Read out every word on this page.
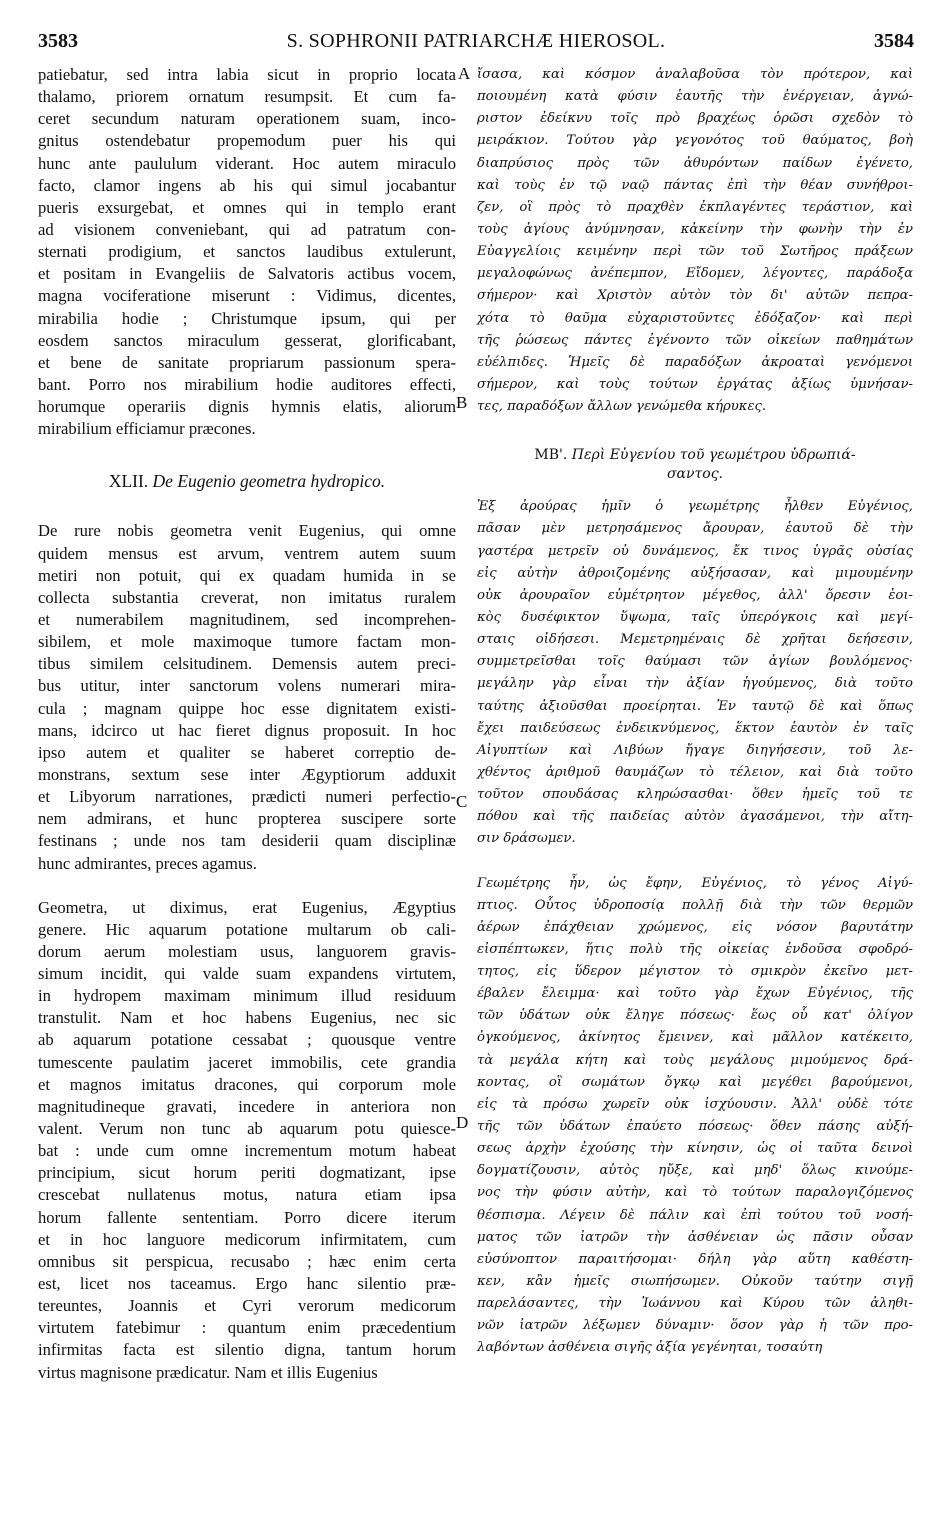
3583	S. SOPHRONII PATRIARCHÆ HIEROSOL.	3584
A
B
C
D
patiebatur, sed intra labia sicut in proprio locata
thalamo, priorem ornatum resumpsit. Et cum fa-
ceret secundum naturam operationem suam, inco-
gnitus ostendebatur propemodum puer his qui
hunc ante paululum viderant. Hoc autem miraculo
facto, clamor ingens ab his qui simul jocabantur
pueris exsurgebat, et omnes qui in templo erant
ad visionem conveniebant, qui ad patratum con-
sternati prodigium, et sanctos laudibus extulerunt,
et positam in Evangeliis de Salvatoris actibus vocem,
magna vociferatione miserunt : Vidimus, dicentes,
mirabilia hodie ; Christumque ipsum, qui per
eosdem sanctos miraculum gesserat, glorificabant,
et bene de sanitate propriarum passionum spera-
bant. Porro nos mirabilium hodie auditores effecti,
horumque operariis dignis hymnis elatis, aliorum
mirabilium efficiamur præcones.
XLII. De Eugenio geometra hydropico.
De rure nobis geometra venit Eugenius, qui omne
quidem mensus est arvum, ventrem autem suum
metiri non potuit, qui ex quadam humida in se
collecta substantia creverat, non imitatus ruralem
et numerabilem magnitudinem, sed incomprehen-
sibilem, et mole maximoque tumore factam mon-
tibus similem celsitudinem. Demensis autem preci-
bus utitur, inter sanctorum volens numerari mira-
cula ; magnam quippe hoc esse dignitatem existi-
mans, idcirco ut hac fieret dignus proposuit. In hoc
ipso autem et qualiter se haberet correptio de-
monstrans, sextum sese inter Ægyptiorum adduxit
et Libyorum narrationes, prædicti numeri perfectio-
nem admirans, et hunc propterea suscipere sorte
festinans ; unde nos tam desiderii quam disciplinæ
hunc admirantes, preces agamus.
Geometra, ut diximus, erat Eugenius, Ægyptius
genere. Hic aquarum potatione multarum ob cali-
dorum aerum molestiam usus, languorem gravis-
simum incidit, qui valde suam expandens virtutem,
in hydropem maximam minimum illud residuum
transtulit. Nam et hoc habens Eugenius, nec sic
ab aquarum potatione cessabat ; quousque ventre
tumescente paulatim jaceret immobilis, cete grandia
et magnos imitatus dracones, qui corporum mole
magnitudineque gravati, incedere in anteriora non
valent. Verum non tunc ab aquarum potu quiesce-
bat : unde cum omne incrementum motum habeat
principium, sicut horum periti dogmatizant, ipse
crescebat nullatenus motus, natura etiam ipsa
horum fallente sententiam. Porro dicere iterum
et in hoc languore medicorum infirmitatem, cum
omnibus sit perspicua, recusabo ; hæc enim certa
est, licet nos taceamus. Ergo hanc silentio præ-
tereuntes, Joannis et Cyri verorum medicorum
virtutem fatebimur : quantum enim præcedentium
infirmitas facta est silentio digna, tantum horum
virtus magnisone prædicatur. Nam et illis Eugenius
ἴσασα, καὶ κόσμον ἀναλαβοῦσα τὸν πρότερον, καὶ
ποιουμένη κατὰ φύσιν ἑαυτῆς τὴν ἐνέργειαν, ἀγνώ-
ριστον ἐδείκνυ τοῖς πρὸ βραχέως ὁρῶσι σχεδὸν τὸ
μειράκιον. Τούτου γὰρ γεγονότος τοῦ θαύματος, βοὴ
διαπρύσιος πρὸς τῶν ἀθυρόντων παίδων ἐγένετο,
καὶ τοὺς ἐν τῷ ναῷ πάντας ἐπὶ τὴν θέαν συνήθροι-
ζεν, οἳ πρὸς τὸ πραχθὲν ἐκπλαγέντες τεράστιον, καὶ
τοὺς ἁγίους ἀνύμνησαν, κἀκείνην τὴν φωνὴν τὴν ἐν
Εὐαγγελίοις κειμένην περὶ τῶν τοῦ Σωτῆρος πράξεων
μεγαλοφώνως ἀνέπεμπον, Εἴδομεν, λέγοντες, παράδοξα
σήμερον· καὶ Χριστὸν αὐτὸν τὸν δι' αὐτῶν πεπρα-
χότα τὸ θαῦμα εὐχαριστοῦντες ἐδόξαζον· καὶ περὶ
τῆς ῥώσεως πάντες ἐγένοντο τῶν οἰκείων παθημάτων
εὐέλπιδες. Ἡμεῖς δὲ παραδόξων ἀκροαταὶ γενόμενοι
σήμερον, καὶ τοὺς τούτων ἐργάτας ἀξίως ὑμνήσαν-
τες, παραδόξων ἄλλων γενώμεθα κήρυκες.
ΜΒ'. Περὶ Εὐγενίου τοῦ γεωμέτρου ὑδρωπιά-
σαντος.
Ἐξ ἀρούρας ἡμῖν ὁ γεωμέτρης ἦλθεν Εὐγένιος,
πᾶσαν μὲν μετρησάμενος ἄρουραν, ἑαυτοῦ δὲ τὴν
γαστέρα μετρεῖν οὐ δυνάμενος, ἔκ τινος ὑγρᾶς οὐσίας
εἰς αὐτὴν ἀθροιζομένης αὐξήσασαν, καὶ μιμουμένην
οὐκ ἀρουραῖον εὐμέτρητον μέγεθος, ἀλλ' ὄρεσιν ἐοι-
κὸς δυσέφικτον ὕψωμα, ταῖς ὑπερόγκοις καὶ μεγί-
σταις οἰδήσεσι. Μεμετρημέναις δὲ χρῆται δεήσεσιν,
συμμετρεῖσθαι τοῖς θαύμασι τῶν ἁγίων βουλόμενος·
μεγάλην γὰρ εἶναι τὴν ἀξίαν ἡγούμενος, διὰ τοῦτο
ταύτης ἀξιοῦσθαι προείρηται. Ἐν ταυτῷ δὲ καὶ ὅπως
ἔχει παιδεύσεως ἐνδεικνύμενος, ἕκτον ἑαυτὸν ἐν ταῖς
Αἰγυπτίων καὶ Λιβύων ἤγαγε διηγήσεσιν, τοῦ λε-
χθέντος ἀριθμοῦ θαυμάζων τὸ τέλειον, καὶ διὰ τοῦτο
τοῦτον σπουδάσας κληρώσασθαι· ὅθεν ἡμεῖς τοῦ τε
πόθου καὶ τῆς παιδείας αὐτὸν ἀγασάμενοι, τὴν αἴτη-
σιν δράσωμεν.
Γεωμέτρης ἦν, ὡς ἔφην, Εὐγένιος, τὸ γένος Αἰγύ-
πτιος. Οὗτος ὑδροποσίᾳ πολλῇ διὰ τὴν τῶν θερμῶν
ἀέρων ἐπάχθειαν χρώμενος, εἰς νόσον βαρυτάτην
εἰσπέπτωκεν, ἥτις πολὺ τῆς οἰκείας ἐνδοῦσα σφοδρό-
τητος, εἰς ὕδερον μέγιστον τὸ σμικρὸν ἐκεῖνο μετ-
έβαλεν ἔλειμμα· καὶ τοῦτο γὰρ ἔχων Εὐγένιος, τῆς
τῶν ὑδάτων οὐκ ἔληγε πόσεως· ἕως οὗ κατ' ὀλίγον
ὀγκούμενος, ἀκίνητος ἔμεινεν, καὶ μᾶλλον κατέκειτο,
τὰ μεγάλα κήτη καὶ τοὺς μεγάλους μιμούμενος δρά-
κοντας, οἳ σωμάτων ὄγκῳ καὶ μεγέθει βαρούμενοι,
εἰς τὰ πρόσω χωρεῖν οὐκ ἰσχύουσιν. Ἀλλ' οὐδὲ τότε
τῆς τῶν ὑδάτων ἐπαύετο πόσεως· ὅθεν πάσης αὐξή-
σεως ἀρχὴν ἐχούσης τὴν κίνησιν, ὡς οἱ ταῦτα δεινοὶ
δογματίζουσιν, αὐτὸς ηὔξε, καὶ μηδ' ὅλως κινούμε-
νος τὴν φύσιν αὐτὴν, καὶ τὸ τούτων παραλογιζόμενος
θέσπισμα. Λέγειν δὲ πάλιν καὶ ἐπὶ τούτου τοῦ νοσή-
ματος τῶν ἰατρῶν τὴν ἀσθένειαν ὡς πᾶσιν οὖσαν
εὐσύνοπτον παραιτήσομαι· δήλη γὰρ αὕτη καθέστη-
κεν, κἂν ἡμεῖς σιωπήσωμεν. Οὐκοῦν ταύτην σιγῇ
παρελάσαντες, τὴν Ἰωάννου καὶ Κύρου τῶν ἀληθι-
νῶν ἰατρῶν λέξωμεν δύναμιν· ὅσον γὰρ ἡ τῶν προ-
λαβόντων ἀσθένεια σιγῆς ἀξία γεγένηται, τοσαύτη
